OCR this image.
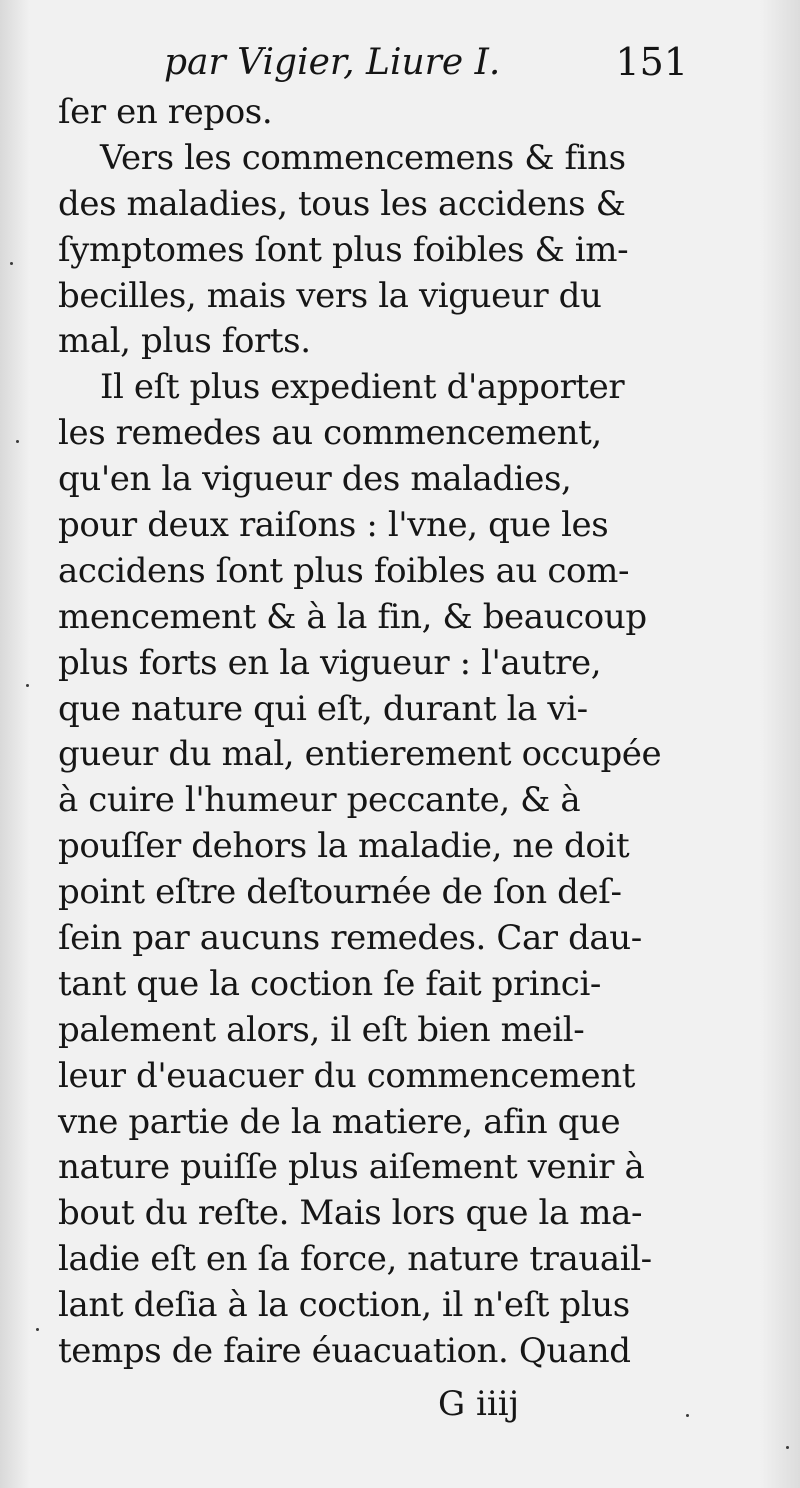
par Vigier, Liure I.	151
ſer en repos.
Vers les commencemens & fins
des maladies, tous les accidens &
ſymptomes ſont plus foibles & im-
becilles, mais vers la vigueur du
mal, plus forts.
Il eſt plus expedient d'apporter
les remedes au commencement,
qu'en la vigueur des maladies,
pour deux raiſons : l'vne, que les
accidens ſont plus foibles au com-
mencement & à la fin, & beaucoup
plus forts en la vigueur : l'autre,
que nature qui eſt, durant la vi-
gueur du mal, entierement occupée
à cuire l'humeur peccante, & à
pouſſer dehors la maladie, ne doit
point eſtre deſtournée de ſon deſ-
ſein par aucuns remedes. Car dau-
tant que la coction ſe fait princi-
palement alors, il eſt bien meil-
leur d'euacuer du commencement
vne partie de la matiere, afin que
nature puiſſe plus aiſement venir à
bout du reſte. Mais lors que la ma-
ladie eſt en ſa force, nature trauail-
lant deſia à la coction, il n'eſt plus
temps de faire éuacuation. Quand
G iiij
